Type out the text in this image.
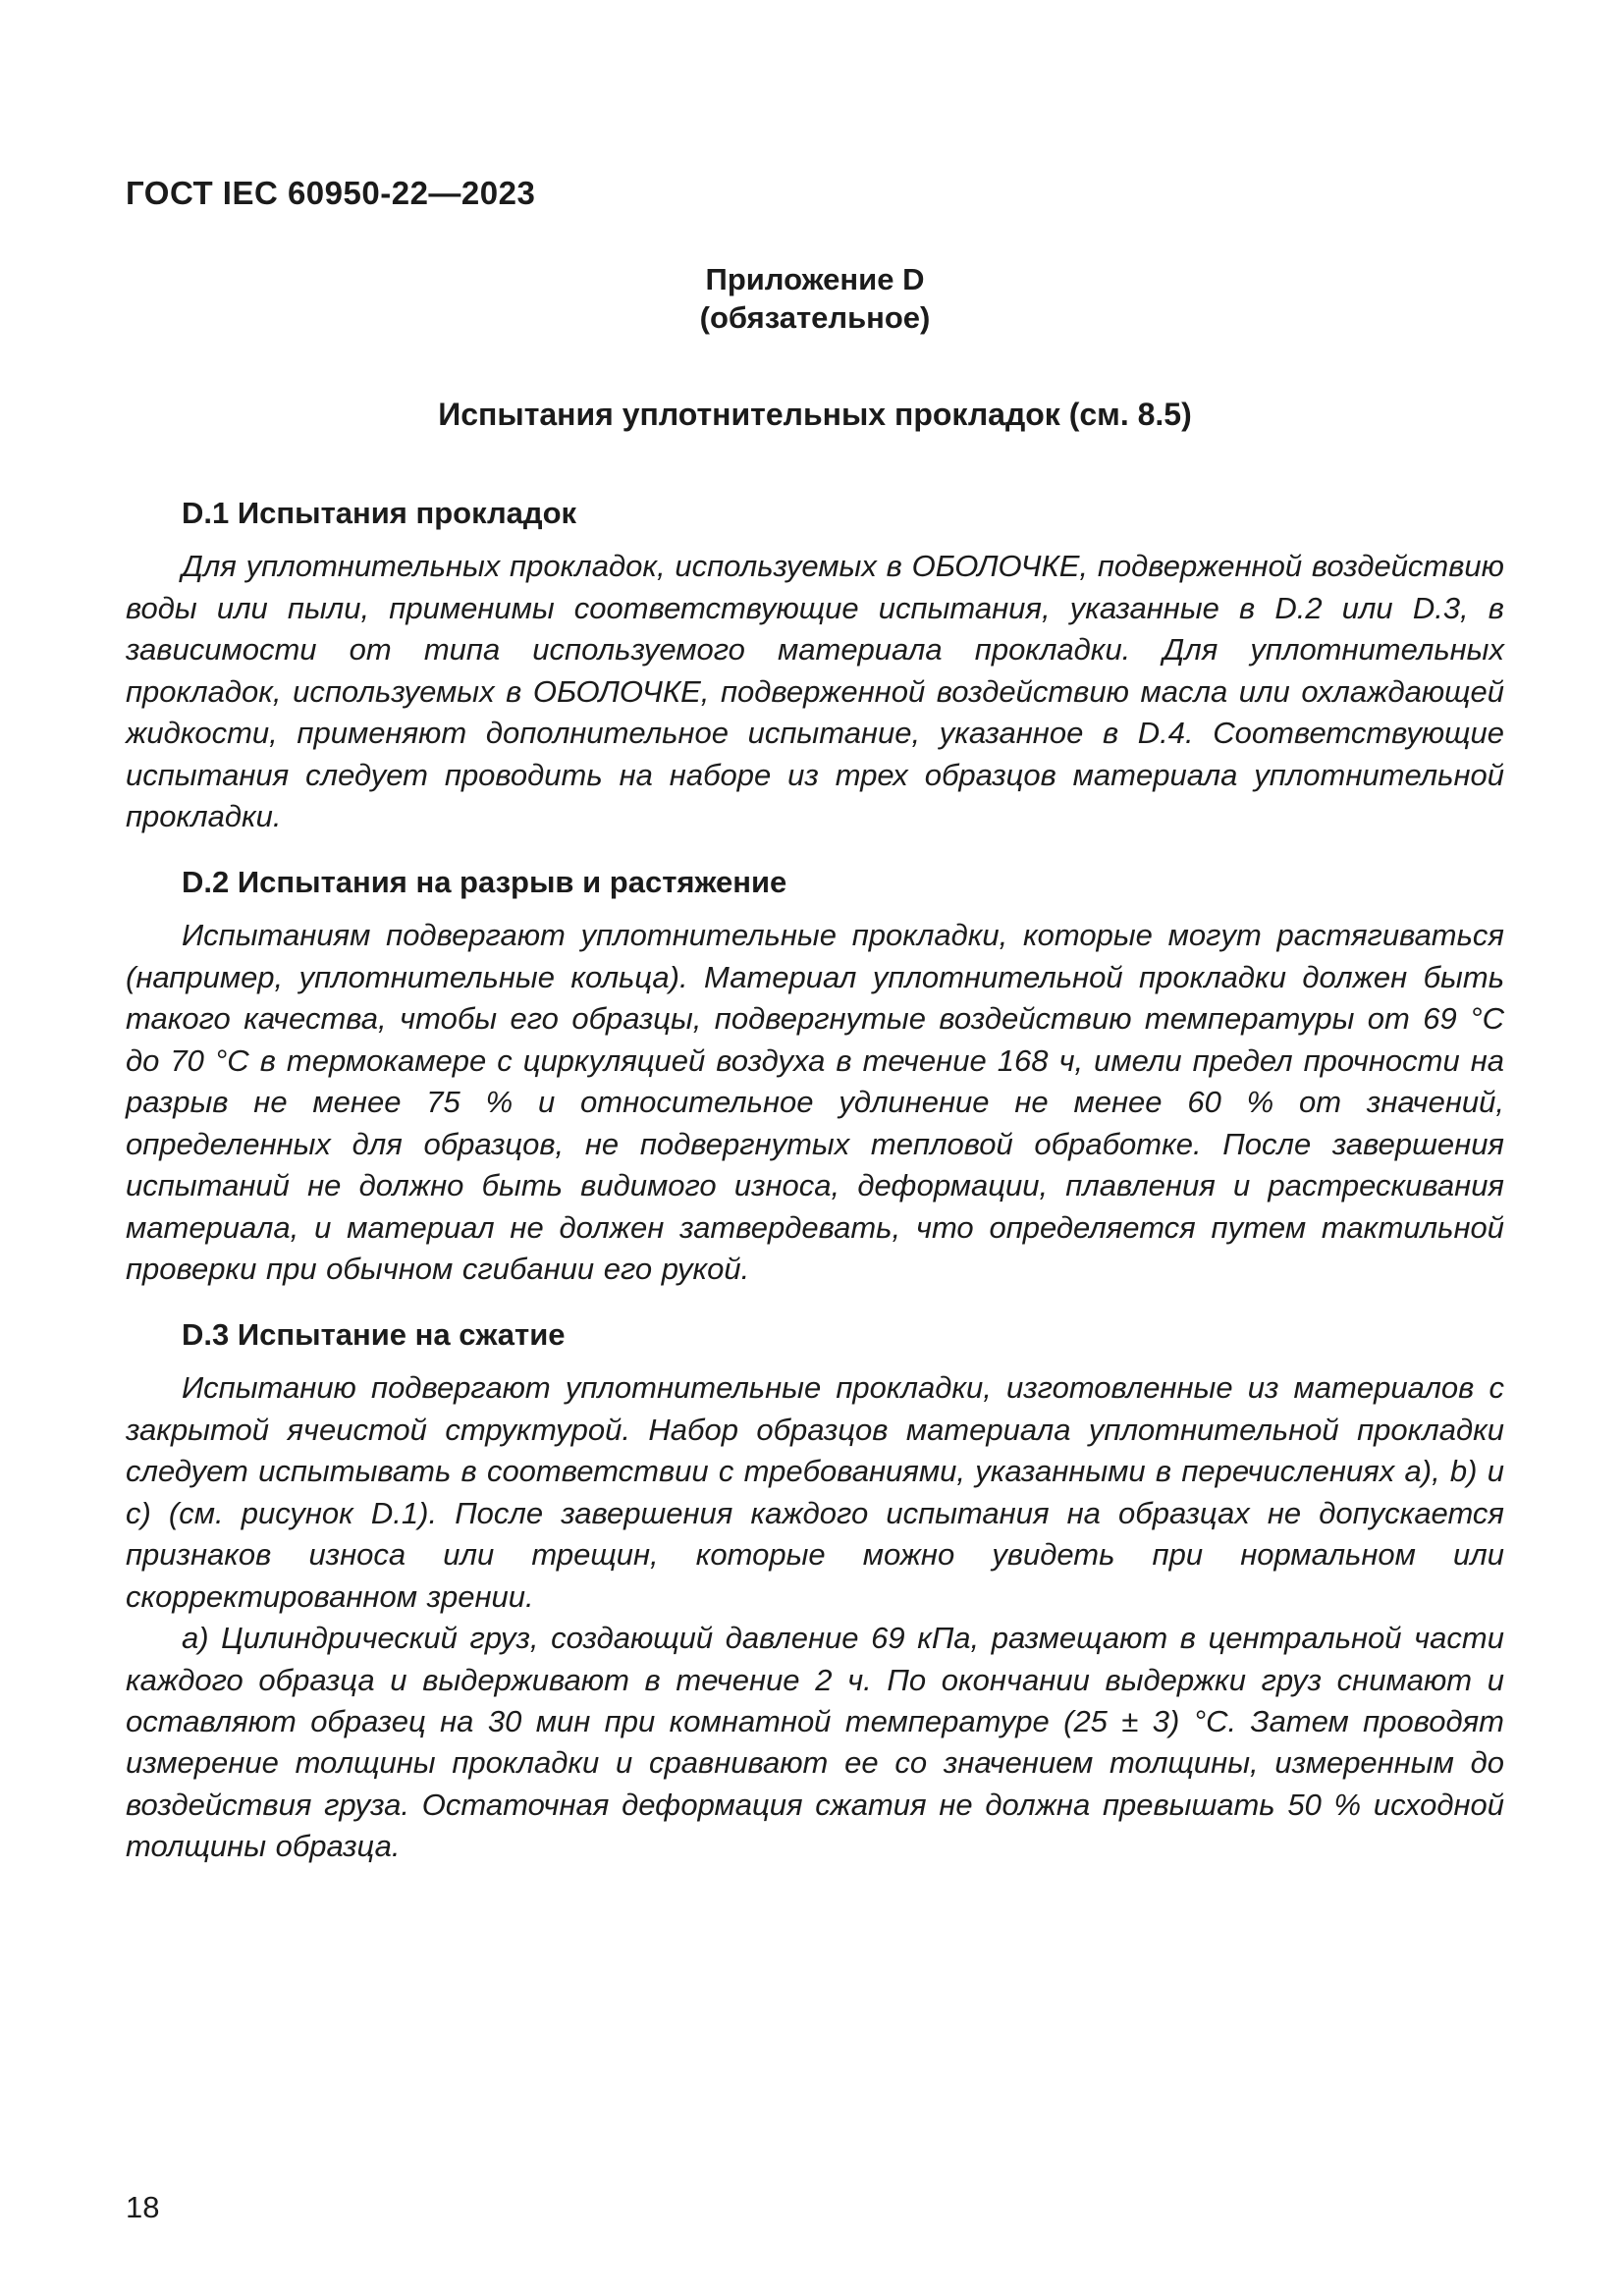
ГОСТ IEC 60950-22—2023

Приложение D

(обязательное)

Испытания уплотнительных прокладок (см. 8.5)

D.1 Испытания прокладок

Для уплотнительных прокладок, используемых в ОБОЛОЧКЕ, подверженной воздействию воды или пыли, применимы соответствующие испытания, указанные в D.2 или D.3, в зависимости от типа используемого материала прокладки. Для уплотнительных прокладок, используемых в ОБОЛОЧКЕ, подверженной воздействию масла или охлаждающей жидкости, применяют дополнительное испытание, указанное в D.4. Соответствующие испытания следует проводить на наборе из трех образцов материала уплотнительной прокладки.

D.2 Испытания на разрыв и растяжение

Испытаниям подвергают уплотнительные прокладки, которые могут растягиваться (например, уплотнительные кольца). Материал уплотнительной прокладки должен быть такого качества, чтобы его образцы, подвергнутые воздействию температуры от 69 °C до 70 °C в термокамере с циркуляцией воздуха в течение 168 ч, имели предел прочности на разрыв не менее 75 % и относительное удлинение не менее 60 % от значений, определенных для образцов, не подвергнутых тепловой обработке. После завершения испытаний не должно быть видимого износа, деформации, плавления и растрескивания материала, и материал не должен затвердевать, что определяется путем тактильной проверки при обычном сгибании его рукой.

D.3 Испытание на сжатие

Испытанию подвергают уплотнительные прокладки, изготовленные из материалов с закрытой ячеистой структурой. Набор образцов материала уплотнительной прокладки следует испытывать в соответствии с требованиями, указанными в перечислениях a), b) и c) (см. рисунок D.1). После завершения каждого испытания на образцах не допускается признаков износа или трещин, которые можно увидеть при нормальном или скорректированном зрении.

а) Цилиндрический груз, создающий давление 69 кПа, размещают в центральной части каждого образца и выдерживают в течение 2 ч. По окончании выдержки груз снимают и оставляют образец на 30 мин при комнатной температуре (25 ± 3) °C. Затем проводят измерение толщины прокладки и сравнивают ее со значением толщины, измеренным до воздействия груза. Остаточная деформация сжатия не должна превышать 50 % исходной толщины образца.

18
